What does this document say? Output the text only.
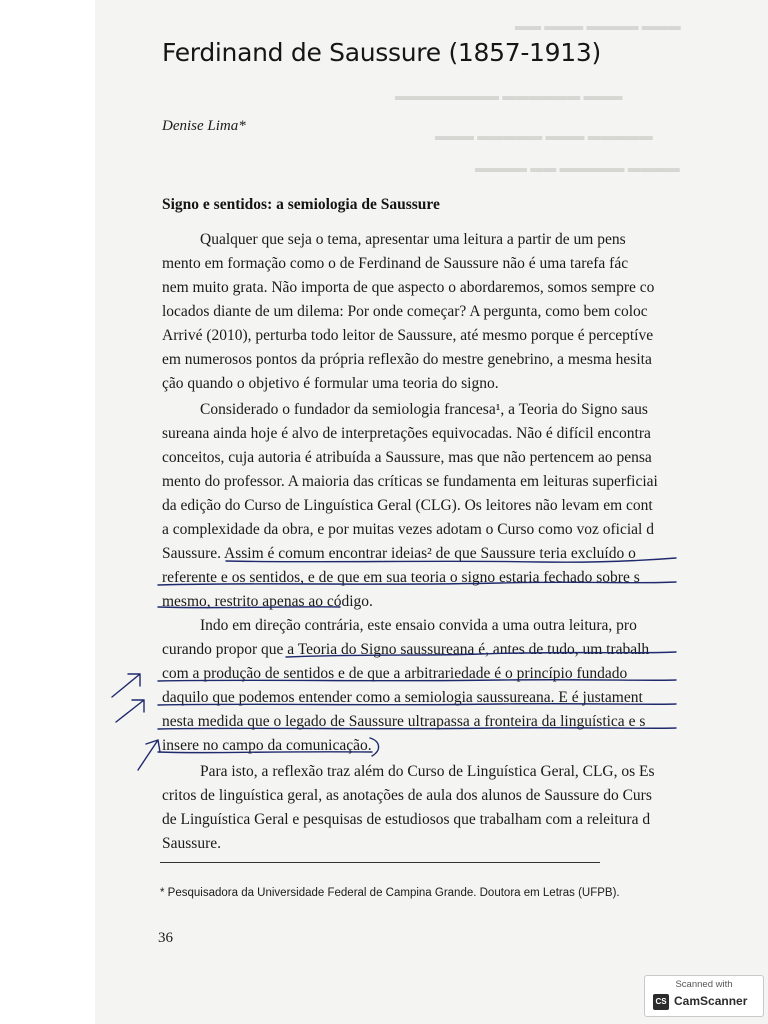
▬▬ ▬▬▬ ▬▬▬▬ ▬▬▬
▬▬▬▬▬▬▬▬ ▬▬▬▬▬▬ ▬▬▬
▬▬▬ ▬▬▬▬▬ ▬▬▬ ▬▬▬▬▬
▬▬▬▬ ▬▬ ▬▬▬▬▬ ▬▬▬▬
Ferdinand de Saussure (1857-1913)
Denise Lima*
Signo e sentidos: a semiologia de Saussure
Qualquer que seja o tema, apresentar uma leitura a partir de um pens
mento em formação como o de Ferdinand de Saussure não é uma tarefa fác
nem muito grata. Não importa de que aspecto o abordaremos, somos sempre co
locados diante de um dilema: Por onde começar? A pergunta, como bem coloc
Arrivé (2010), perturba todo leitor de Saussure, até mesmo porque é perceptíve
em numerosos pontos da própria reflexão do mestre genebrino, a mesma hesita
ção quando o objetivo é formular uma teoria do signo.
Considerado o fundador da semiologia francesa¹, a Teoria do Signo saus
sureana ainda hoje é alvo de interpretações equivocadas. Não é difícil encontra
conceitos, cuja autoria é atribuída a Saussure, mas que não pertencem ao pensa
mento do professor. A maioria das críticas se fundamenta em leituras superficiai
da edição do Curso de Linguística Geral (CLG). Os leitores não levam em cont
a complexidade da obra, e por muitas vezes adotam o Curso como voz oficial d
Saussure. Assim é comum encontrar ideias² de que Saussure teria excluído o
referente e os sentidos, e de que em sua teoria o signo estaria fechado sobre s
mesmo, restrito apenas ao código.
Indo em direção contrária, este ensaio convida a uma outra leitura, pro
curando propor que a Teoria do Signo saussureana é, antes de tudo, um trabalh
com a produção de sentidos e de que a arbitrariedade é o princípio fundado
daquilo que podemos entender como a semiologia saussureana. E é justament
nesta medida que o legado de Saussure ultrapassa a fronteira da linguística e s
insere no campo da comunicação.
Para isto, a reflexão traz além do Curso de Linguística Geral, CLG, os Es
critos de linguística geral, as anotações de aula dos alunos de Saussure do Curs
de Linguística Geral e pesquisas de estudiosos que trabalham com a releitura d
Saussure.
* Pesquisadora da Universidade Federal de Campina Grande. Doutora em Letras (UFPB).
36
Scanned with
CS CamScanner
